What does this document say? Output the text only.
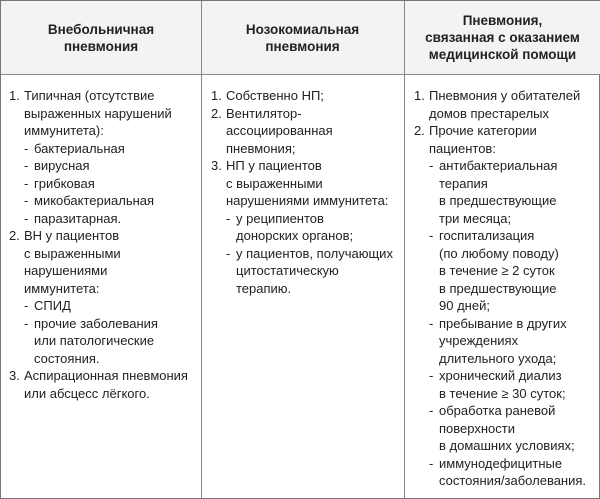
Внебольничная
пневмония
Нозокомиальная
пневмония
Пневмония,
связанная с оказанием
медицинской помощи
1. Типичная (отсутствие
выраженных нарушений
иммунитета):
- бактериальная
- вирусная
- грибковая
- микобактериальная
- паразитарная.
2. ВН у пациентов
с выраженными
нарушениями
иммунитета:
- СПИД
- прочие заболевания
или патологические
состояния.
3. Аспирационная пневмония
или абсцесс лёгкого.
1. Собственно НП;
2. Вентилятор-
ассоциированная
пневмония;
3. НП у пациентов
с выраженными
нарушениями иммунитета:
- у реципиентов
донорских органов;
- у пациентов, получающих
цитостатическую
терапию.
1. Пневмония у обитателей
домов престарелых
2. Прочие категории
пациентов:
- антибактериальная
терапия
в предшествующие
три месяца;
- госпитализация
(по любому поводу)
в течение ≥ 2 суток
в предшествующие
90 дней;
- пребывание в других
учреждениях
длительного ухода;
- хронический диализ
в течение ≥ 30 суток;
- обработка раневой
поверхности
в домашних условиях;
- иммунодефицитные
состояния/заболевания.
